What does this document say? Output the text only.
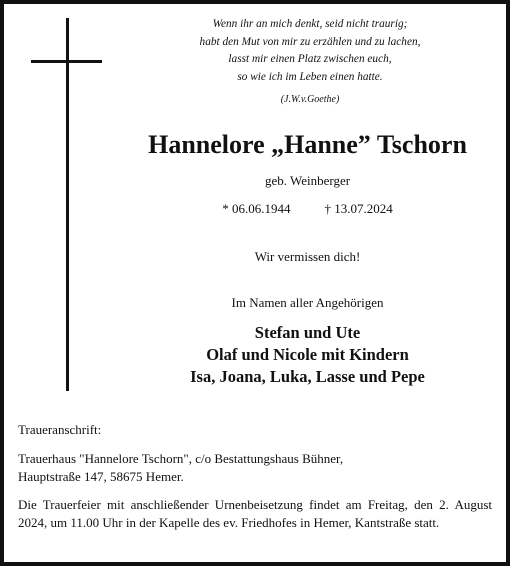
Wenn ihr an mich denkt, seid nicht traurig;
habt den Mut von mir zu erzählen und zu lachen,
lasst mir einen Platz zwischen euch,
so wie ich im Leben einen hatte.
(J.W.v.Goethe)
Hannelore „Hanne” Tschorn
geb. Weinberger
* 06.06.1944	† 13.07.2024
Wir vermissen dich!
Im Namen aller Angehörigen
Stefan und Ute
Olaf und Nicole mit Kindern
Isa, Joana, Luka, Lasse und Pepe
Traueranschrift:
Trauerhaus "Hannelore Tschorn", c/o Bestattungshaus Bühner,
Hauptstraße 147, 58675 Hemer.
Die Trauerfeier mit anschließender Urnenbeisetzung findet am Freitag, den 2. August 2024, um 11.00 Uhr in der Kapelle des ev. Friedhofes in Hemer, Kantstraße statt.
